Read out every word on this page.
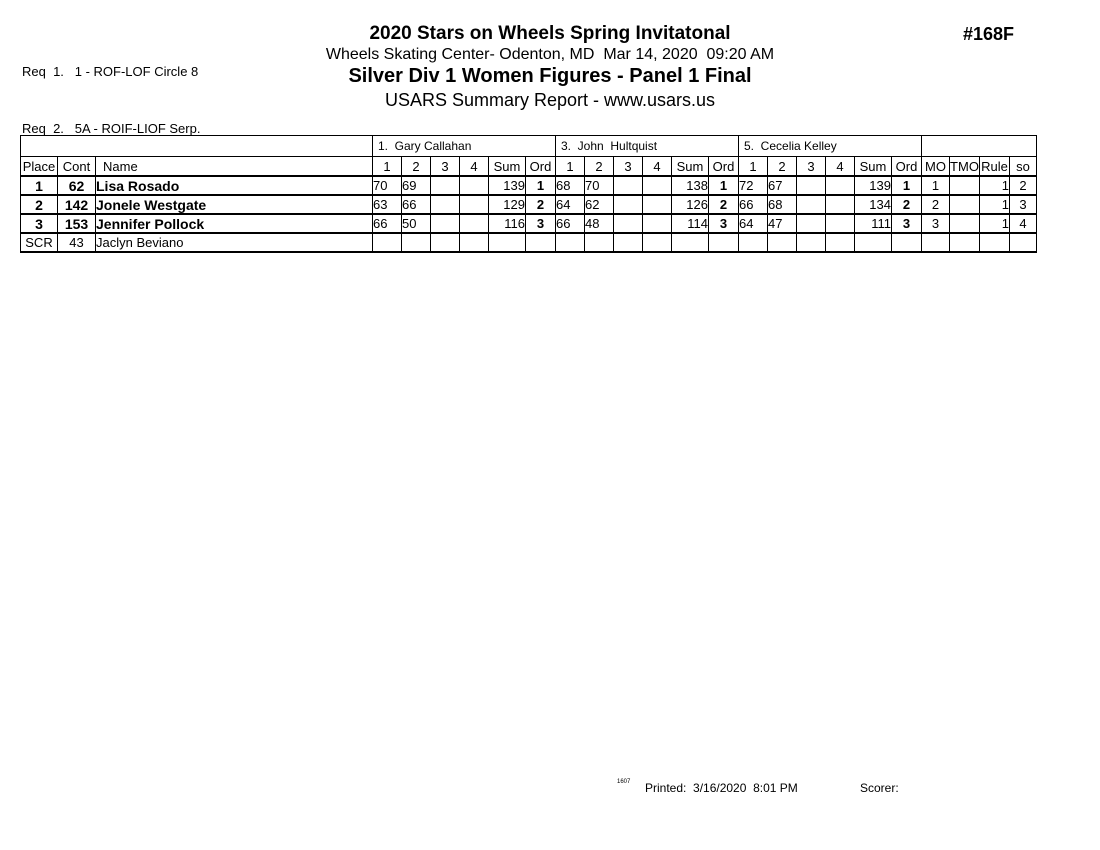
Req  1.   1 - ROF-LOF Circle 8

Req  2.   5A - ROIF-LIOF Serp.

2020 Stars on Wheels Spring Invitatonal
Wheels Skating Center- Odenton, MD  Mar 14, 2020  09:20 AM
Silver Div 1 Women Figures - Panel 1 Final
USARS Summary Report - www.usars.us
#168F
			1.  Gary Callahan						3.  John  Hultquist						5.  Cecelia Kelley									
Place	Cont	Name	1	2	3	4	Sum	Ord	1	2	3	4	Sum	Ord	1	2	3	4	Sum	Ord	MO	TMO	Rule	so
1	62	Lisa Rosado	70	69			139	1	68	70			138	1	72	67			139	1	1		1	2
2	142	Jonele Westgate	63	66			129	2	64	62			126	2	66	68			134	2	2		1	3
3	153	Jennifer Pollock	66	50			116	3	66	48			114	3	64	47			111	3	3		1	4
SCR	43	Jaclyn Beviano																						
1607 Printed:  3/16/2020  8:01 PM	Scorer:
